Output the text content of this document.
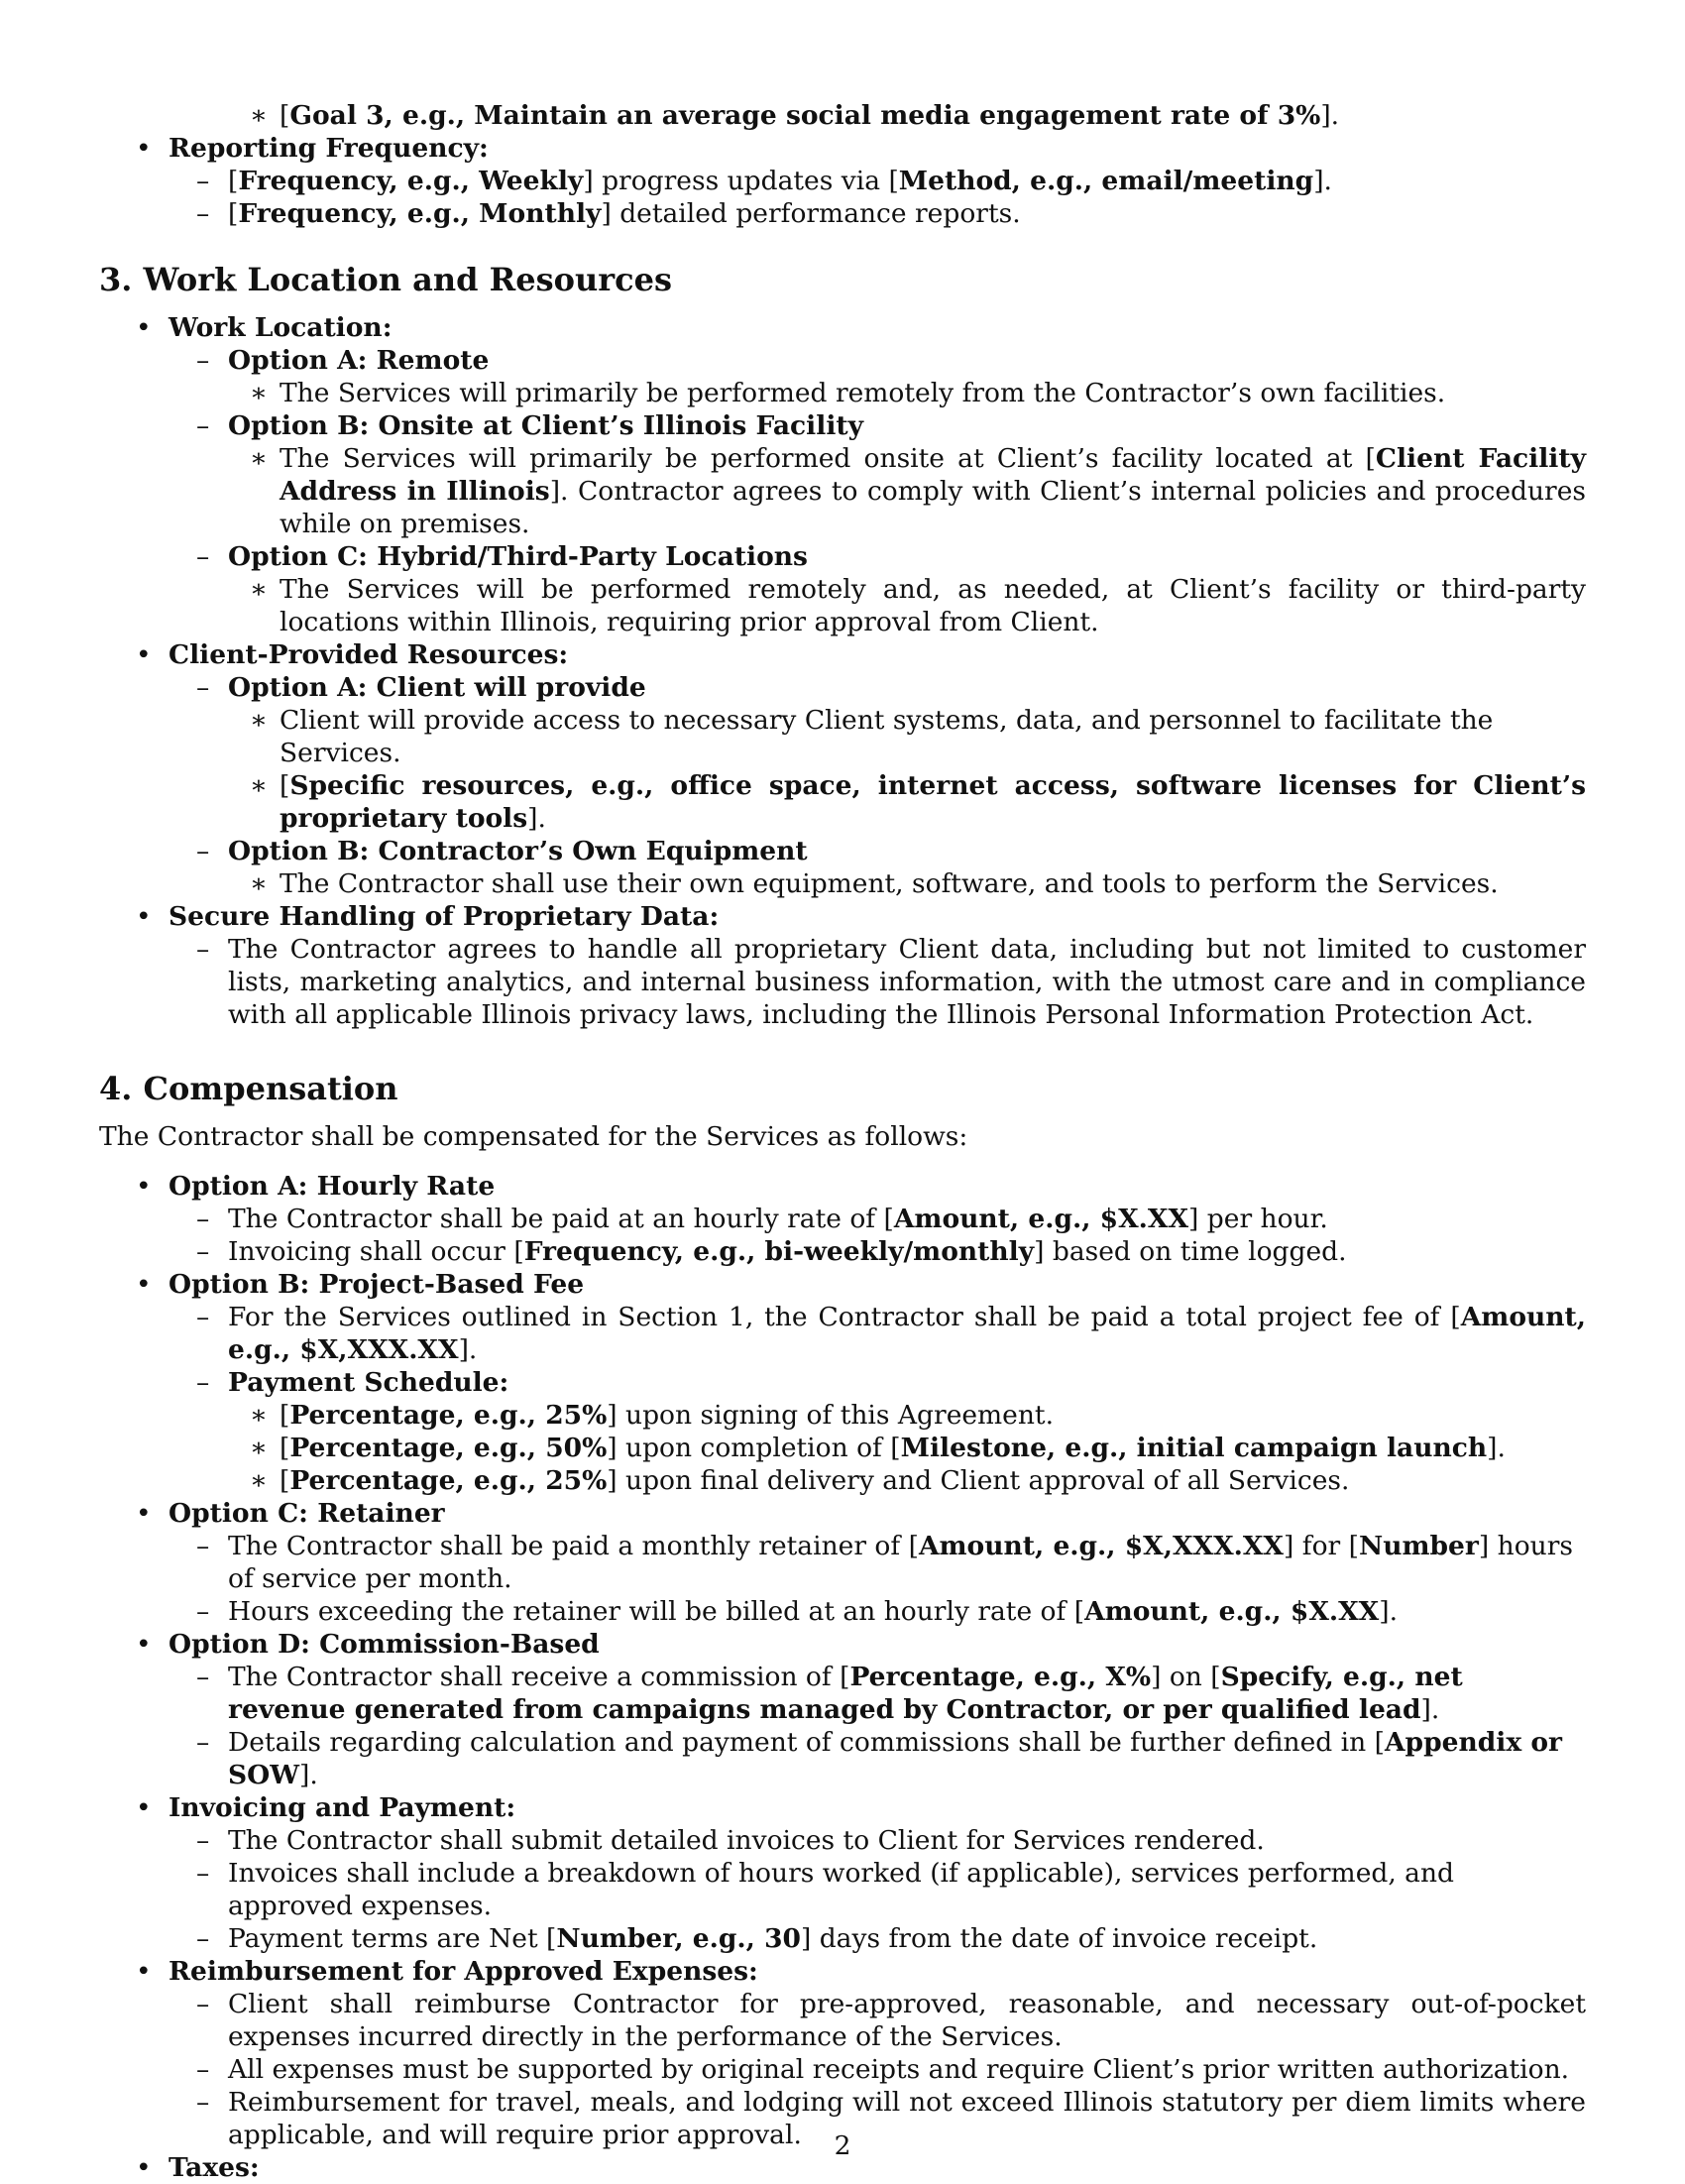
∗ [Goal 3, e.g., Maintain an average social media engagement rate of 3%].
• Reporting Frequency:
– [Frequency, e.g., Weekly] progress updates via [Method, e.g., email/meeting].
– [Frequency, e.g., Monthly] detailed performance reports.
3. Work Location and Resources
• Work Location:
– Option A: Remote
∗ The Services will primarily be performed remotely from the Contractor’s own facilities.
– Option B: Onsite at Client’s Illinois Facility
∗ The Services will primarily be performed onsite at Client’s facility located at [Client Facility Address in Illinois]. Contractor agrees to comply with Client’s internal policies and procedures while on premises.
– Option C: Hybrid/Third-Party Locations
∗ The Services will be performed remotely and, as needed, at Client’s facility or third-party locations within Illinois, requiring prior approval from Client.
• Client-Provided Resources:
– Option A: Client will provide
∗ Client will provide access to necessary Client systems, data, and personnel to facilitate the Services.
∗ [Specific resources, e.g., office space, internet access, software licenses for Client’s proprietary tools].
– Option B: Contractor’s Own Equipment
∗ The Contractor shall use their own equipment, software, and tools to perform the Services.
• Secure Handling of Proprietary Data:
– The Contractor agrees to handle all proprietary Client data, including but not limited to customer lists, marketing analytics, and internal business information, with the utmost care and in compliance with all applicable Illinois privacy laws, including the Illinois Personal Information Protection Act.
4. Compensation
The Contractor shall be compensated for the Services as follows:
• Option A: Hourly Rate
– The Contractor shall be paid at an hourly rate of [Amount, e.g., $X.XX] per hour.
– Invoicing shall occur [Frequency, e.g., bi-weekly/monthly] based on time logged.
• Option B: Project-Based Fee
– For the Services outlined in Section 1, the Contractor shall be paid a total project fee of [Amount, e.g., $X,XXX.XX].
– Payment Schedule:
∗ [Percentage, e.g., 25%] upon signing of this Agreement.
∗ [Percentage, e.g., 50%] upon completion of [Milestone, e.g., initial campaign launch].
∗ [Percentage, e.g., 25%] upon final delivery and Client approval of all Services.
• Option C: Retainer
– The Contractor shall be paid a monthly retainer of [Amount, e.g., $X,XXX.XX] for [Number] hours of service per month.
– Hours exceeding the retainer will be billed at an hourly rate of [Amount, e.g., $X.XX].
• Option D: Commission-Based
– The Contractor shall receive a commission of [Percentage, e.g., X%] on [Specify, e.g., net revenue generated from campaigns managed by Contractor, or per qualified lead].
– Details regarding calculation and payment of commissions shall be further defined in [Appendix or SOW].
• Invoicing and Payment:
– The Contractor shall submit detailed invoices to Client for Services rendered.
– Invoices shall include a breakdown of hours worked (if applicable), services performed, and approved expenses.
– Payment terms are Net [Number, e.g., 30] days from the date of invoice receipt.
• Reimbursement for Approved Expenses:
– Client shall reimburse Contractor for pre-approved, reasonable, and necessary out-of-pocket expenses incurred directly in the performance of the Services.
– All expenses must be supported by original receipts and require Client’s prior written authorization.
– Reimbursement for travel, meals, and lodging will not exceed Illinois statutory per diem limits where applicable, and will require prior approval.
• Taxes:
2
